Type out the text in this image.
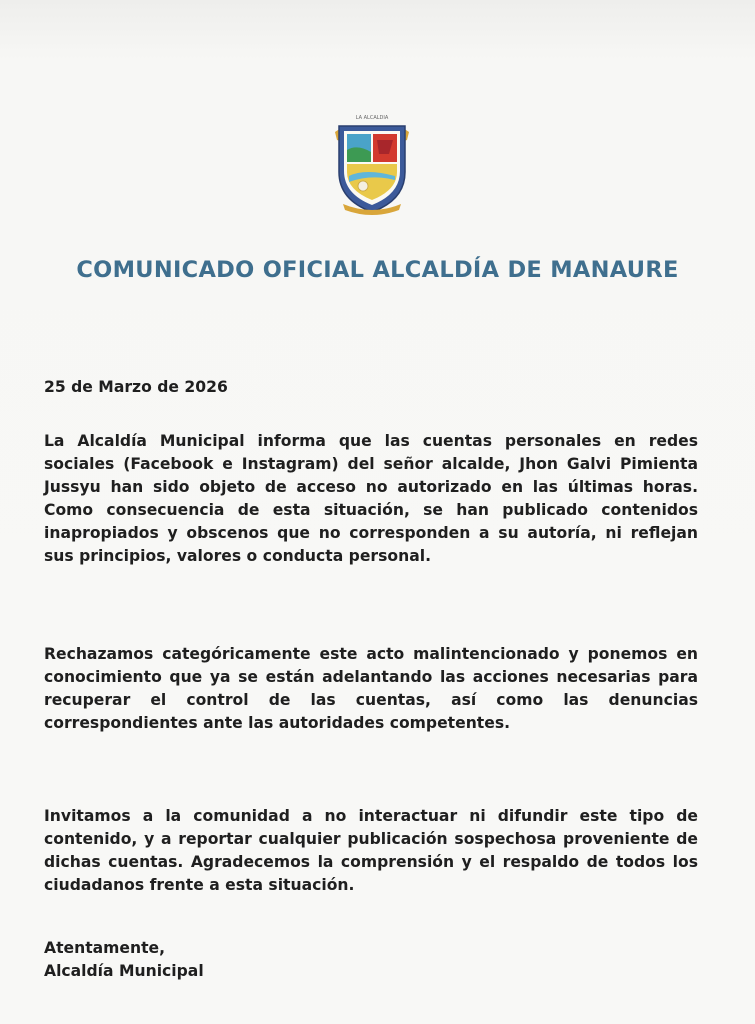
LA ALCALDIA
COMUNICADO OFICIAL ALCALDÍA DE MANAURE
25 de Marzo de 2026
La Alcaldía Municipal informa que las cuentas personales en redes sociales (Facebook e Instagram) del señor alcalde, Jhon Galvi Pimienta Jussyu han sido objeto de acceso no autorizado en las últimas horas. Como consecuencia de esta situación, se han publicado contenidos inapropiados y obscenos que no corresponden a su autoría, ni reflejan sus principios, valores o conducta personal.
Rechazamos categóricamente este acto malintencionado y ponemos en conocimiento que ya se están adelantando las acciones necesarias para recuperar el control de las cuentas, así como las denuncias correspondientes ante las autoridades competentes.
Invitamos a la comunidad a no interactuar ni difundir este tipo de contenido, y a reportar cualquier publicación sospechosa proveniente de dichas cuentas. Agradecemos la comprensión y el respaldo de todos los ciudadanos frente a esta situación.
Atentamente,
Alcaldía Municipal
